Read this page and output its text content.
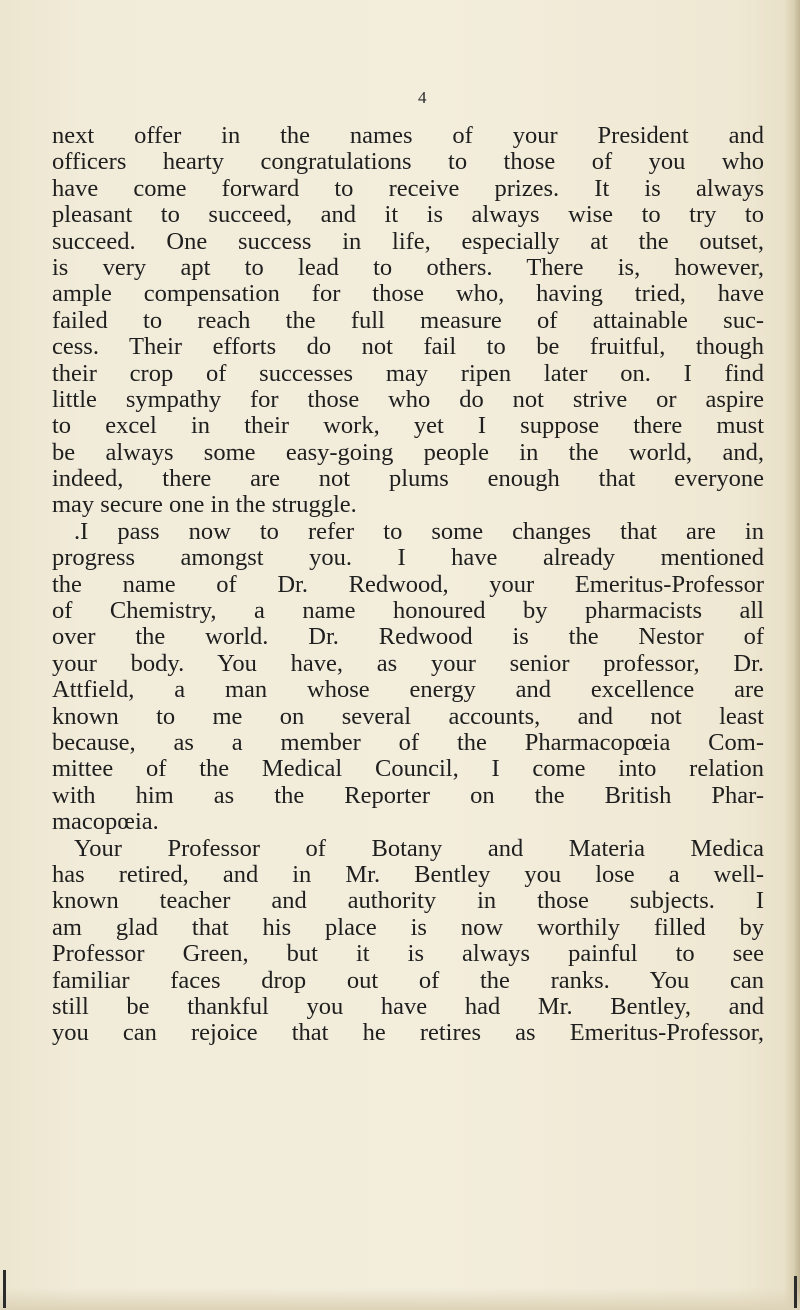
4
next offer in the names of your President and
officers hearty congratulations to those of you who
have come forward to receive prizes. It is always
pleasant to succeed, and it is always wise to try to
succeed. One success in life, especially at the outset,
is very apt to lead to others. There is, however,
ample compensation for those who, having tried, have
failed to reach the full measure of attainable suc-
cess. Their efforts do not fail to be fruitful, though
their crop of successes may ripen later on. I find
little sympathy for those who do not strive or aspire
to excel in their work, yet I suppose there must
be always some easy-going people in the world, and,
indeed, there are not plums enough that everyone
may secure one in the struggle.
.I pass now to refer to some changes that are in
progress amongst you. I have already mentioned
the name of Dr. Redwood, your Emeritus-Professor
of Chemistry, a name honoured by pharmacists all
over the world. Dr. Redwood is the Nestor of
your body. You have, as your senior professor, Dr.
Attfield, a man whose energy and excellence are
known to me on several accounts, and not least
because, as a member of the Pharmacopœia Com-
mittee of the Medical Council, I come into relation
with him as the Reporter on the British Phar-
macopœia.
Your Professor of Botany and Materia Medica
has retired, and in Mr. Bentley you lose a well-
known teacher and authority in those subjects. I
am glad that his place is now worthily filled by
Professor Green, but it is always painful to see
familiar faces drop out of the ranks. You can
still be thankful you have had Mr. Bentley, and
you can rejoice that he retires as Emeritus-Professor,
